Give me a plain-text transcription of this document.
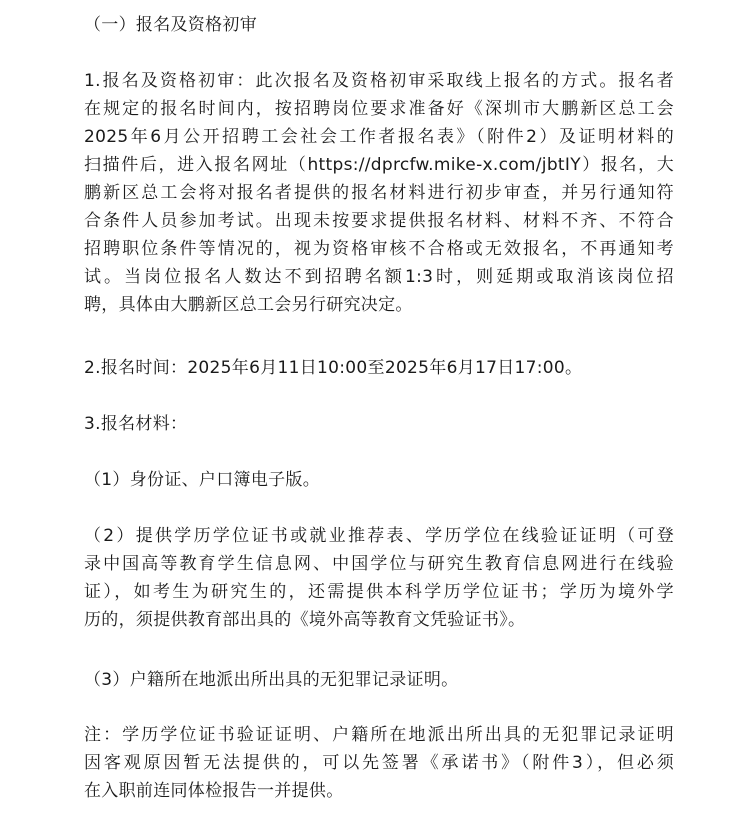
（一）报名及资格初审

1.报名及资格初审：此次报名及资格初审采取线上报名的方式。报名者

在规定的报名时间内，按招聘岗位要求准备好《深圳市大鹏新区总工会

2025年6月公开招聘工会社会工作者报名表》（附件2）及证明材料的

扫描件后，进入报名网址（https://dprcfw.mike-x.com/jbtIY）报名，大

鹏新区总工会将对报名者提供的报名材料进行初步审查，并另行通知符

合条件人员参加考试。出现未按要求提供报名材料、材料不齐、不符合

招聘职位条件等情况的，视为资格审核不合格或无效报名，不再通知考

试。当岗位报名人数达不到招聘名额1:3时，则延期或取消该岗位招

聘，具体由大鹏新区总工会另行研究决定。

2.报名时间：2025年6月11日10:00至2025年6月17日17:00。

3.报名材料：

（1）身份证、户口簿电子版。

（2）提供学历学位证书或就业推荐表、学历学位在线验证证明（可登

录中国高等教育学生信息网、中国学位与研究生教育信息网进行在线验

证），如考生为研究生的，还需提供本科学历学位证书；学历为境外学

历的，须提供教育部出具的《境外高等教育文凭验证书》。

（3）户籍所在地派出所出具的无犯罪记录证明。

注：学历学位证书验证证明、户籍所在地派出所出具的无犯罪记录证明

因客观原因暂无法提供的，可以先签署《承诺书》（附件3），但必须

在入职前连同体检报告一并提供。
